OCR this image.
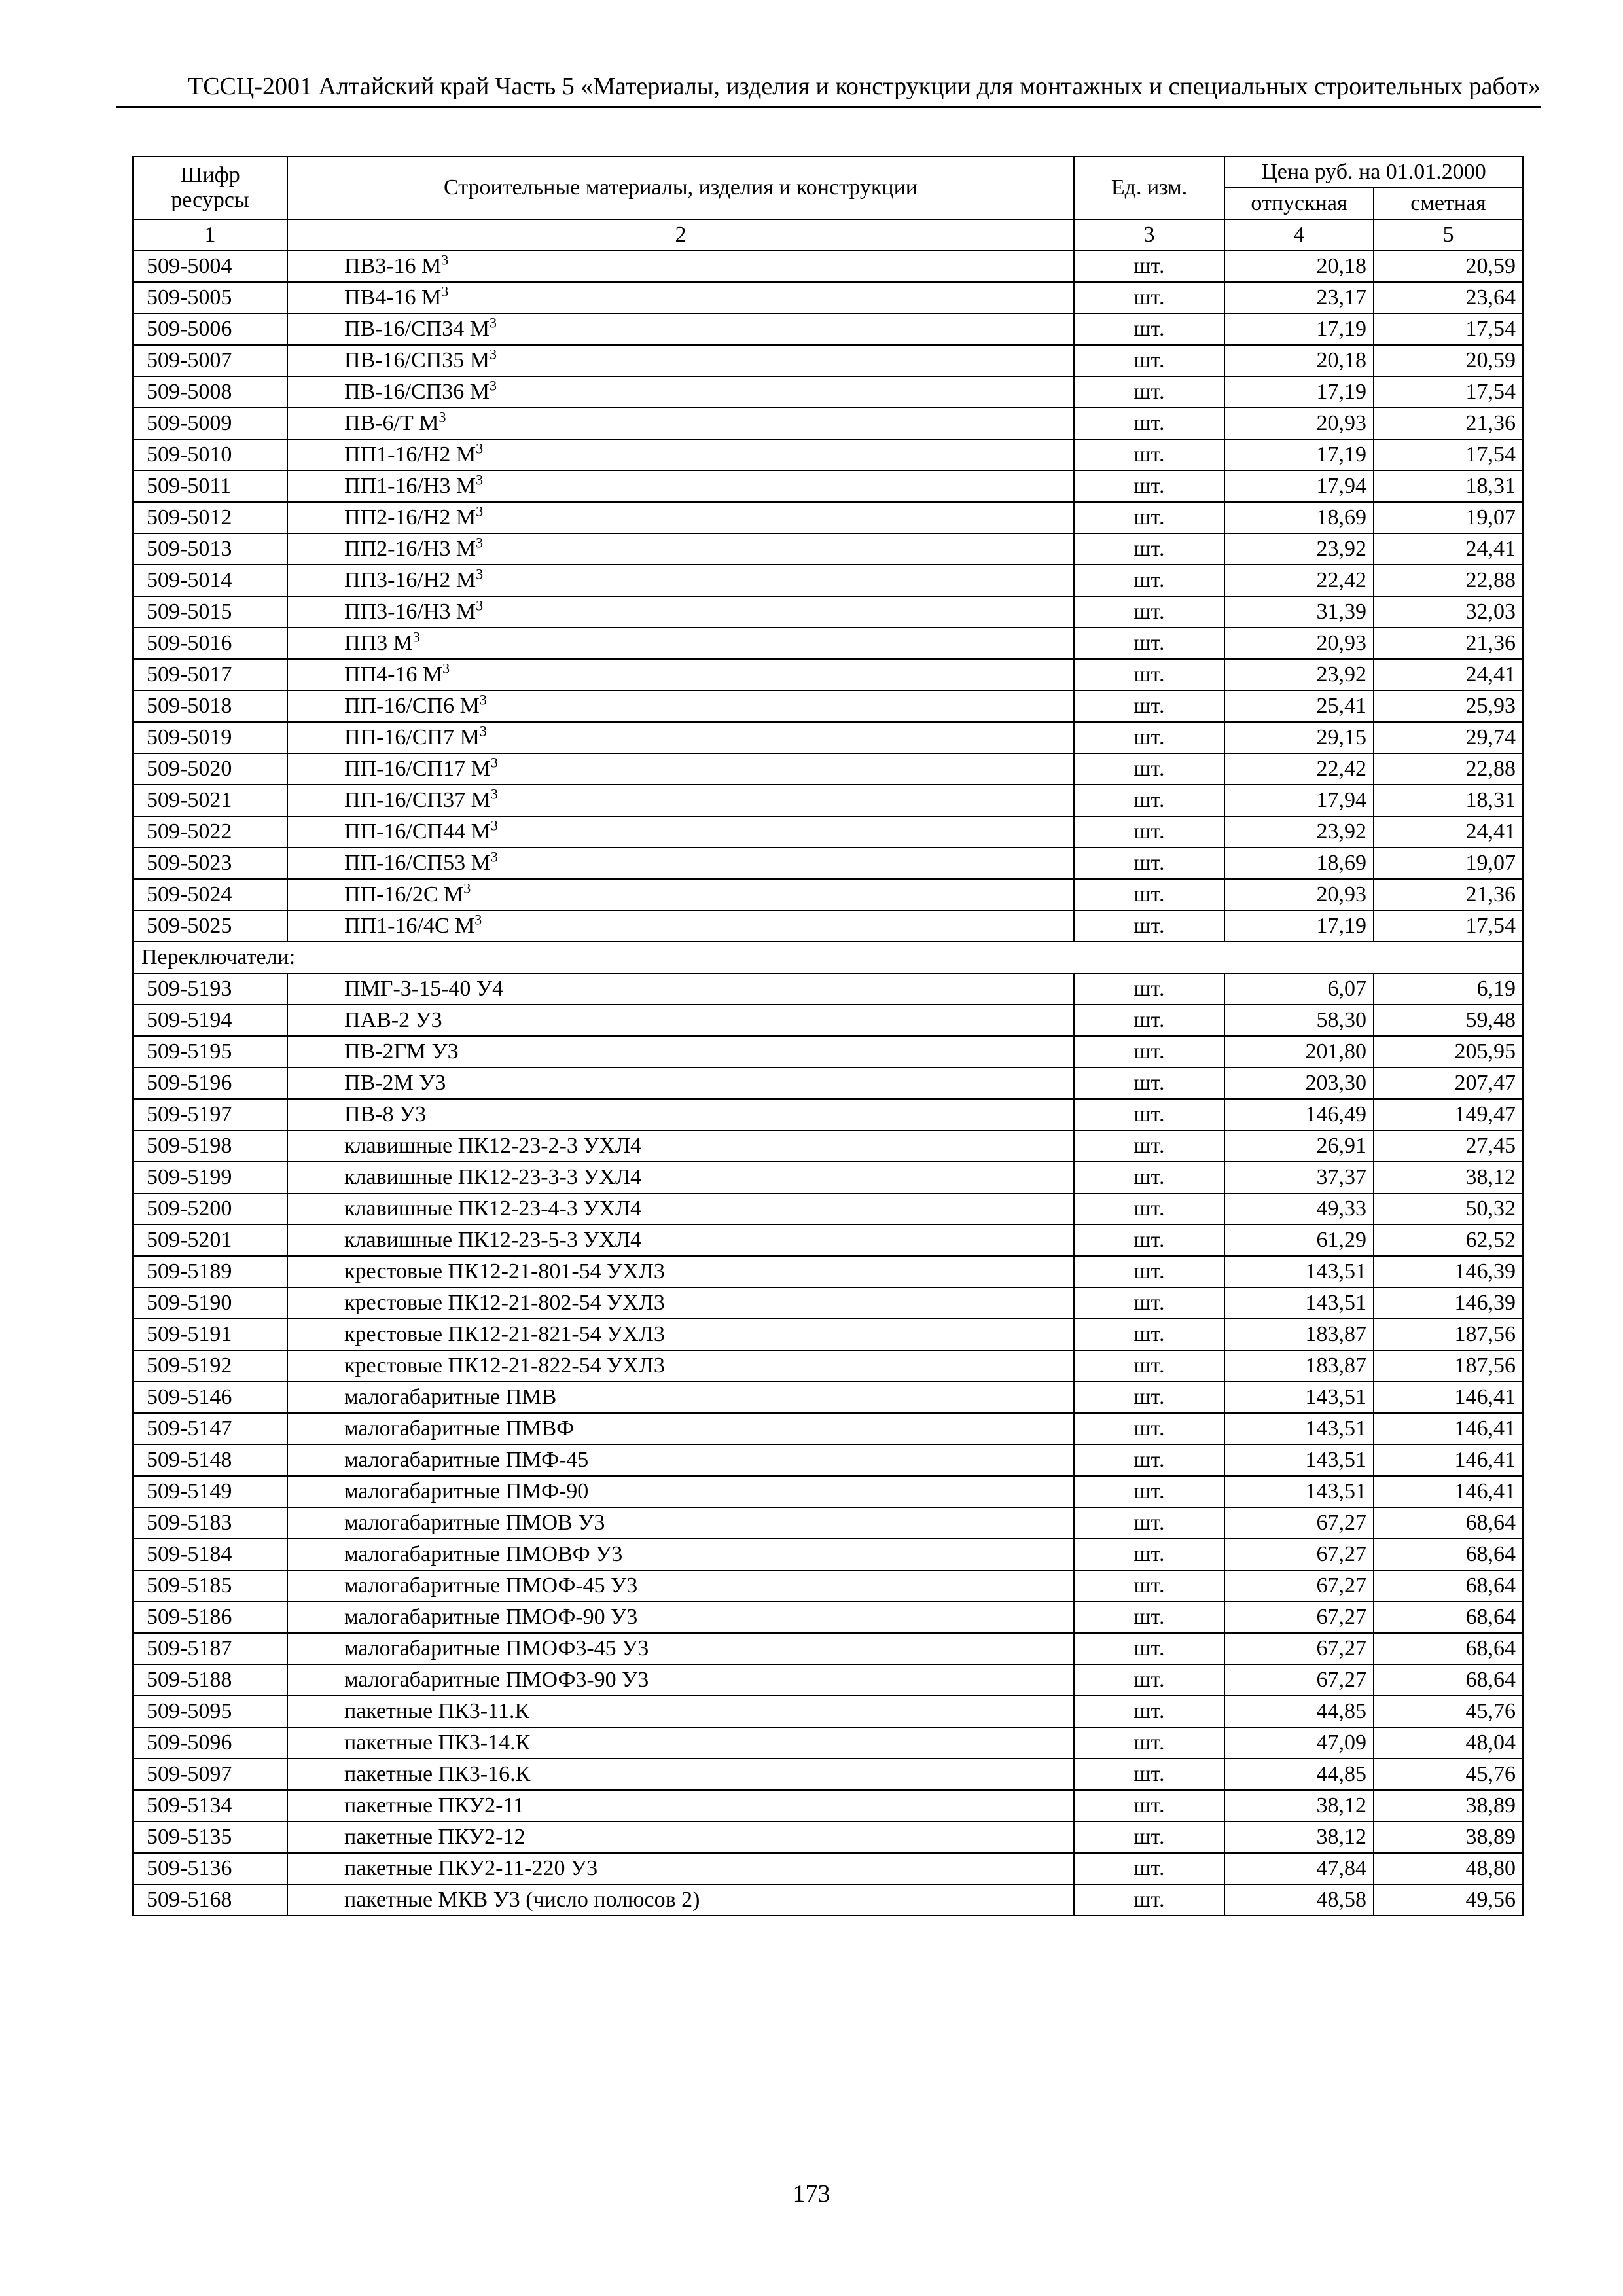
ТССЦ-2001 Алтайский край Часть 5 «Материалы, изделия и конструкции для монтажных и специальных строительных работ»
Шифр ресурсы	Строительные материалы, изделия и конструкции	Ед. изм.	Цена руб. на 01.01.2000	
			отпускная	сметная
1	2	3	4	5
509-5004	ПВ3-16 $М^3$	шт.	20,18	20,59
509-5005	ПВ4-16 $М^3$	шт.	23,17	23,64
509-5006	ПВ-16/СП34 $М^3$	шт.	17,19	17,54
509-5007	ПВ-16/СП35 $М^3$	шт.	20,18	20,59
509-5008	ПВ-16/СП36 $М^3$	шт.	17,19	17,54
509-5009	ПВ-6/Т $М^3$	шт.	20,93	21,36
509-5010	ПП1-16/Н2 $М^3$	шт.	17,19	17,54
509-5011	ПП1-16/Н3 $М^3$	шт.	17,94	18,31
509-5012	ПП2-16/Н2 $М^3$	шт.	18,69	19,07
509-5013	ПП2-16/Н3 $М^3$	шт.	23,92	24,41
509-5014	ПП3-16/Н2 $М^3$	шт.	22,42	22,88
509-5015	ПП3-16/Н3 $М^3$	шт.	31,39	32,03
509-5016	ПП3 $М^3$	шт.	20,93	21,36
509-5017	ПП4-16 $М^3$	шт.	23,92	24,41
509-5018	ПП-16/СП6 $М^3$	шт.	25,41	25,93
509-5019	ПП-16/СП7 $М^3$	шт.	29,15	29,74
509-5020	ПП-16/СП17 $М^3$	шт.	22,42	22,88
509-5021	ПП-16/СП37 $М^3$	шт.	17,94	18,31
509-5022	ПП-16/СП44 $М^3$	шт.	23,92	24,41
509-5023	ПП-16/СП53 $М^3$	шт.	18,69	19,07
509-5024	ПП-16/2С $М^3$	шт.	20,93	21,36
509-5025	ПП1-16/4С $М^3$	шт.	17,19	17,54
Переключатели:				
509-5193	ПМГ-3-15-40 У4	шт.	6,07	6,19
509-5194	ПАВ-2 У3	шт.	58,30	59,48
509-5195	ПВ-2ГМ У3	шт.	201,80	205,95
509-5196	ПВ-2М У3	шт.	203,30	207,47
509-5197	ПВ-8 У3	шт.	146,49	149,47
509-5198	клавишные ПК12-23-2-3 УХЛ4	шт.	26,91	27,45
509-5199	клавишные ПК12-23-3-3 УХЛ4	шт.	37,37	38,12
509-5200	клавишные ПК12-23-4-3 УХЛ4	шт.	49,33	50,32
509-5201	клавишные ПК12-23-5-3 УХЛ4	шт.	61,29	62,52
509-5189	крестовые ПК12-21-801-54 УХЛ3	шт.	143,51	146,39
509-5190	крестовые ПК12-21-802-54 УХЛ3	шт.	143,51	146,39
509-5191	крестовые ПК12-21-821-54 УХЛ3	шт.	183,87	187,56
509-5192	крестовые ПК12-21-822-54 УХЛ3	шт.	183,87	187,56
509-5146	малогабаритные ПМВ	шт.	143,51	146,41
509-5147	малогабаритные ПМВФ	шт.	143,51	146,41
509-5148	малогабаритные ПМФ-45	шт.	143,51	146,41
509-5149	малогабаритные ПМФ-90	шт.	143,51	146,41
509-5183	малогабаритные ПМОВ У3	шт.	67,27	68,64
509-5184	малогабаритные ПМОВФ У3	шт.	67,27	68,64
509-5185	малогабаритные ПМОФ-45 У3	шт.	67,27	68,64
509-5186	малогабаритные ПМОФ-90 У3	шт.	67,27	68,64
509-5187	малогабаритные ПМОФ3-45 У3	шт.	67,27	68,64
509-5188	малогабаритные ПМОФ3-90 У3	шт.	67,27	68,64
509-5095	пакетные ПК3-11.К	шт.	44,85	45,76
509-5096	пакетные ПК3-14.К	шт.	47,09	48,04
509-5097	пакетные ПК3-16.К	шт.	44,85	45,76
509-5134	пакетные ПКУ2-11	шт.	38,12	38,89
509-5135	пакетные ПКУ2-12	шт.	38,12	38,89
509-5136	пакетные ПКУ2-11-220 У3	шт.	47,84	48,80
509-5168	пакетные МКВ У3 (число полюсов 2)	шт.	48,58	49,56
173
